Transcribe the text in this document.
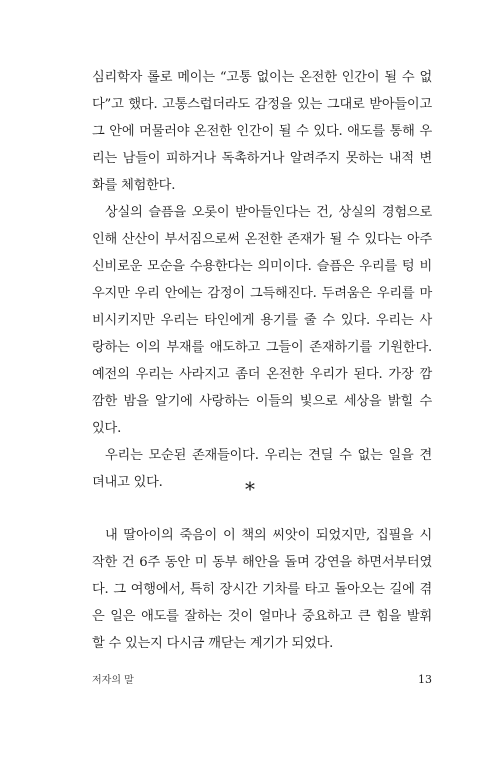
심리학자 롤로 메이는 “고통 없이는 온전한 인간이 될 수 없
다”고 했다. 고통스럽더라도 감정을 있는 그대로 받아들이고
그 안에 머물러야 온전한 인간이 될 수 있다. 애도를 통해 우
리는 남들이 피하거나 독촉하거나 알려주지 못하는 내적 변
화를 체험한다.
상실의 슬픔을 오롯이 받아들인다는 건, 상실의 경험으로
인해 산산이 부서짐으로써 온전한 존재가 될 수 있다는 아주
신비로운 모순을 수용한다는 의미이다. 슬픔은 우리를 텅 비
우지만 우리 안에는 감정이 그득해진다. 두려움은 우리를 마
비시키지만 우리는 타인에게 용기를 줄 수 있다. 우리는 사
랑하는 이의 부재를 애도하고 그들이 존재하기를 기원한다.
예전의 우리는 사라지고 좀더 온전한 우리가 된다. 가장 깜
깜한 밤을 알기에 사랑하는 이들의 빛으로 세상을 밝힐 수
있다.
우리는 모순된 존재들이다. 우리는 견딜 수 없는 일을 견
뎌내고 있다.	*
내 딸아이의 죽음이 이 책의 씨앗이 되었지만, 집필을 시
작한 건 6주 동안 미 동부 해안을 돌며 강연을 하면서부터였
다. 그 여행에서, 특히 장시간 기차를 타고 돌아오는 길에 겪
은 일은 애도를 잘하는 것이 얼마나 중요하고 큰 힘을 발휘
할 수 있는지 다시금 깨닫는 계기가 되었다.
저자의 말	13
